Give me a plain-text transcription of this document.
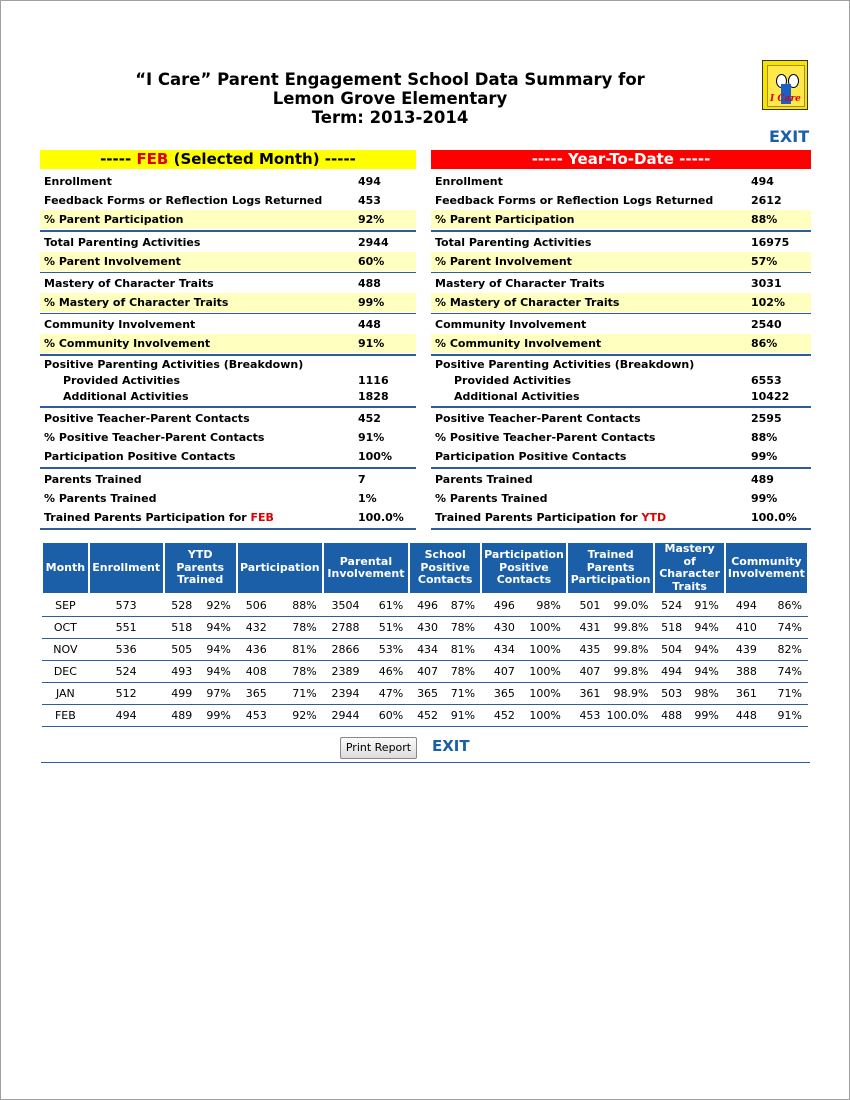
“I Care” Parent Engagement School Data Summary for
Lemon Grove Elementary
Term: 2013-2014
I Care
EXIT
----- FEB (Selected Month) -----
Enrollment	494
Feedback Forms or Reflection Logs Returned	453
% Parent Participation	92%
Total Parenting Activities	2944
% Parent Involvement	60%
Mastery of Character Traits	488
% Mastery of Character Traits	99%
Community Involvement	448
% Community Involvement	91%
Positive Parenting Activities (Breakdown)
Provided Activities	1116
Additional Activities	1828
Positive Teacher-Parent Contacts	452
% Positive Teacher-Parent Contacts	91%
Participation Positive Contacts	100%
Parents Trained	7
% Parents Trained	1%
Trained Parents Participation for FEB	100.0%
----- Year-To-Date -----
Enrollment	494
Feedback Forms or Reflection Logs Returned	2612
% Parent Participation	88%
Total Parenting Activities	16975
% Parent Involvement	57%
Mastery of Character Traits	3031
% Mastery of Character Traits	102%
Community Involvement	2540
% Community Involvement	86%
Positive Parenting Activities (Breakdown)
Provided Activities	6553
Additional Activities	10422
Positive Teacher-Parent Contacts	2595
% Positive Teacher-Parent Contacts	88%
Participation Positive Contacts	99%
Parents Trained	489
% Parents Trained	99%
Trained Parents Participation for YTD	100.0%
Month	Enrollment	YTD Parents Trained		Participation		Parental Involvement		School Positive Contacts		Participation Positive Contacts		Trained Parents Participation		Mastery of Character Traits		Community Involvement	
SEP	573	528	92%	506	88%	3504	61%	496	87%	496	98%	501	99.0%	524	91%	494	86%
OCT	551	518	94%	432	78%	2788	51%	430	78%	430	100%	431	99.8%	518	94%	410	74%
NOV	536	505	94%	436	81%	2866	53%	434	81%	434	100%	435	99.8%	504	94%	439	82%
DEC	524	493	94%	408	78%	2389	46%	407	78%	407	100%	407	99.8%	494	94%	388	74%
JAN	512	499	97%	365	71%	2394	47%	365	71%	365	100%	361	98.9%	503	98%	361	71%
FEB	494	489	99%	453	92%	2944	60%	452	91%	452	100%	453	100.0%	488	99%	448	91%
Print Report	EXIT
